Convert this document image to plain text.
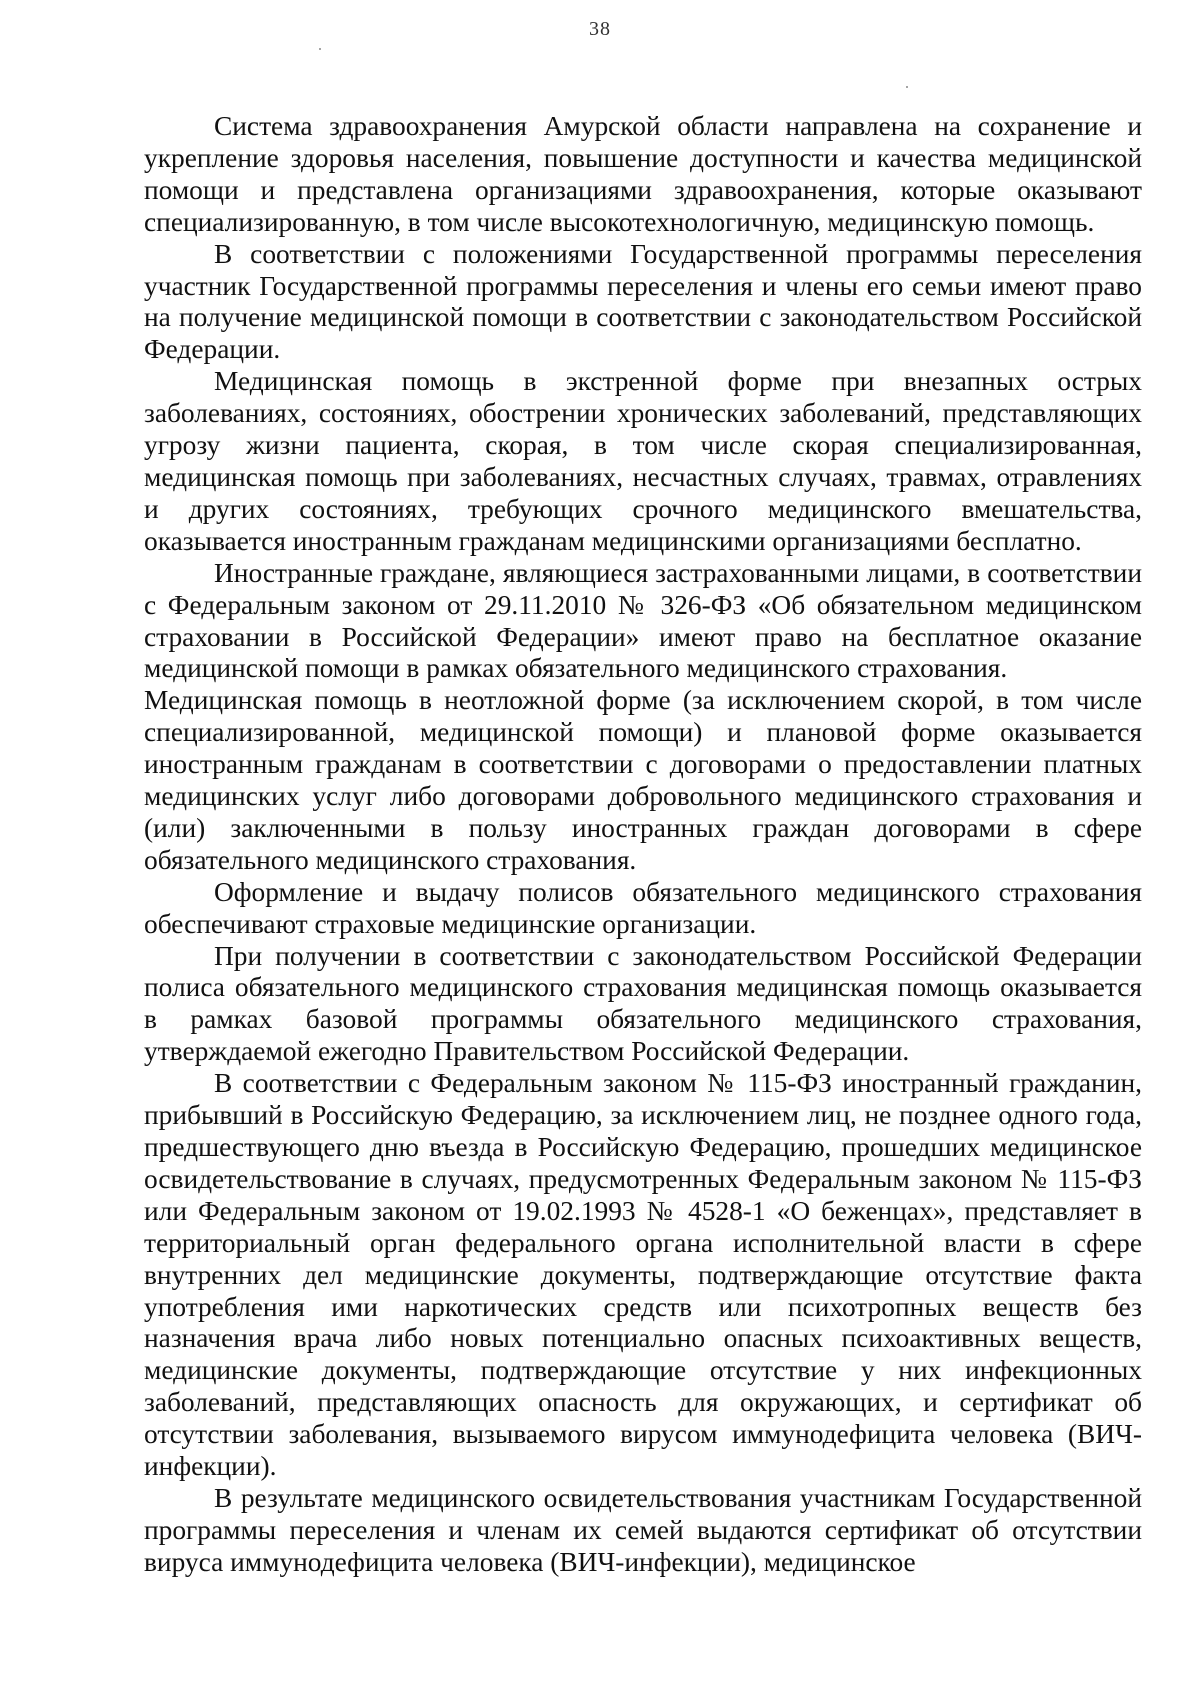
38

Система здравоохранения Амурской области направлена на сохранение и укрепление здоровья населения, повышение доступности и качества медицинской помощи и представлена организациями здравоохранения, которые оказывают специализированную, в том числе высокотехнологичную, медицинскую помощь.

В соответствии с положениями Государственной программы переселения участник Государственной программы переселения и члены его семьи имеют право на получение медицинской помощи в соответствии с законодательством Российской Федерации.

Медицинская помощь в экстренной форме при внезапных острых заболеваниях, состояниях, обострении хронических заболеваний, представляющих угрозу жизни пациента, скорая, в том числе скорая специализированная, медицинская помощь при заболеваниях, несчастных случаях, травмах, отравлениях и других состояниях, требующих срочного медицинского вмешательства, оказывается иностранным гражданам медицинскими организациями бесплатно.

Иностранные граждане, являющиеся застрахованными лицами, в соответствии с Федеральным законом от 29.11.2010 № 326-ФЗ «Об обязательном медицинском страховании в Российской Федерации» имеют право на бесплатное оказание медицинской помощи в рамках обязательного медицинского страхования.

Медицинская помощь в неотложной форме (за исключением скорой, в том числе специализированной, медицинской помощи) и плановой форме оказывается иностранным гражданам в соответствии с договорами о предоставлении платных медицинских услуг либо договорами добровольного медицинского страхования и (или) заключенными в пользу иностранных граждан договорами в сфере обязательного медицинского страхования.

Оформление и выдачу полисов обязательного медицинского страхования обеспечивают страховые медицинские организации.

При получении в соответствии с законодательством Российской Федерации полиса обязательного медицинского страхования медицинская помощь оказывается в рамках базовой программы обязательного медицинского страхования, утверждаемой ежегодно Правительством Российской Федерации.

В соответствии с Федеральным законом № 115-ФЗ иностранный гражданин, прибывший в Российскую Федерацию, за исключением лиц, не позднее одного года, предшествующего дню въезда в Российскую Федерацию, прошедших медицинское освидетельствование в случаях, предусмотренных Федеральным законом № 115-ФЗ или Федеральным законом от 19.02.1993 № 4528-1 «О беженцах», представляет в территориальный орган федерального органа исполнительной власти в сфере внутренних дел медицинские документы, подтверждающие отсутствие факта употребления ими наркотических средств или психотропных веществ без назначения врача либо новых потенциально опасных психоактивных веществ, медицинские документы, подтверждающие отсутствие у них инфекционных заболеваний, представляющих опасность для окружающих, и сертификат об отсутствии заболевания, вызываемого вирусом иммунодефицита человека (ВИЧ-инфекции).

В результате медицинского освидетельствования участникам Государственной программы переселения и членам их семей выдаются сертификат об отсутствии вируса иммунодефицита человека (ВИЧ-инфекции), медицинское
